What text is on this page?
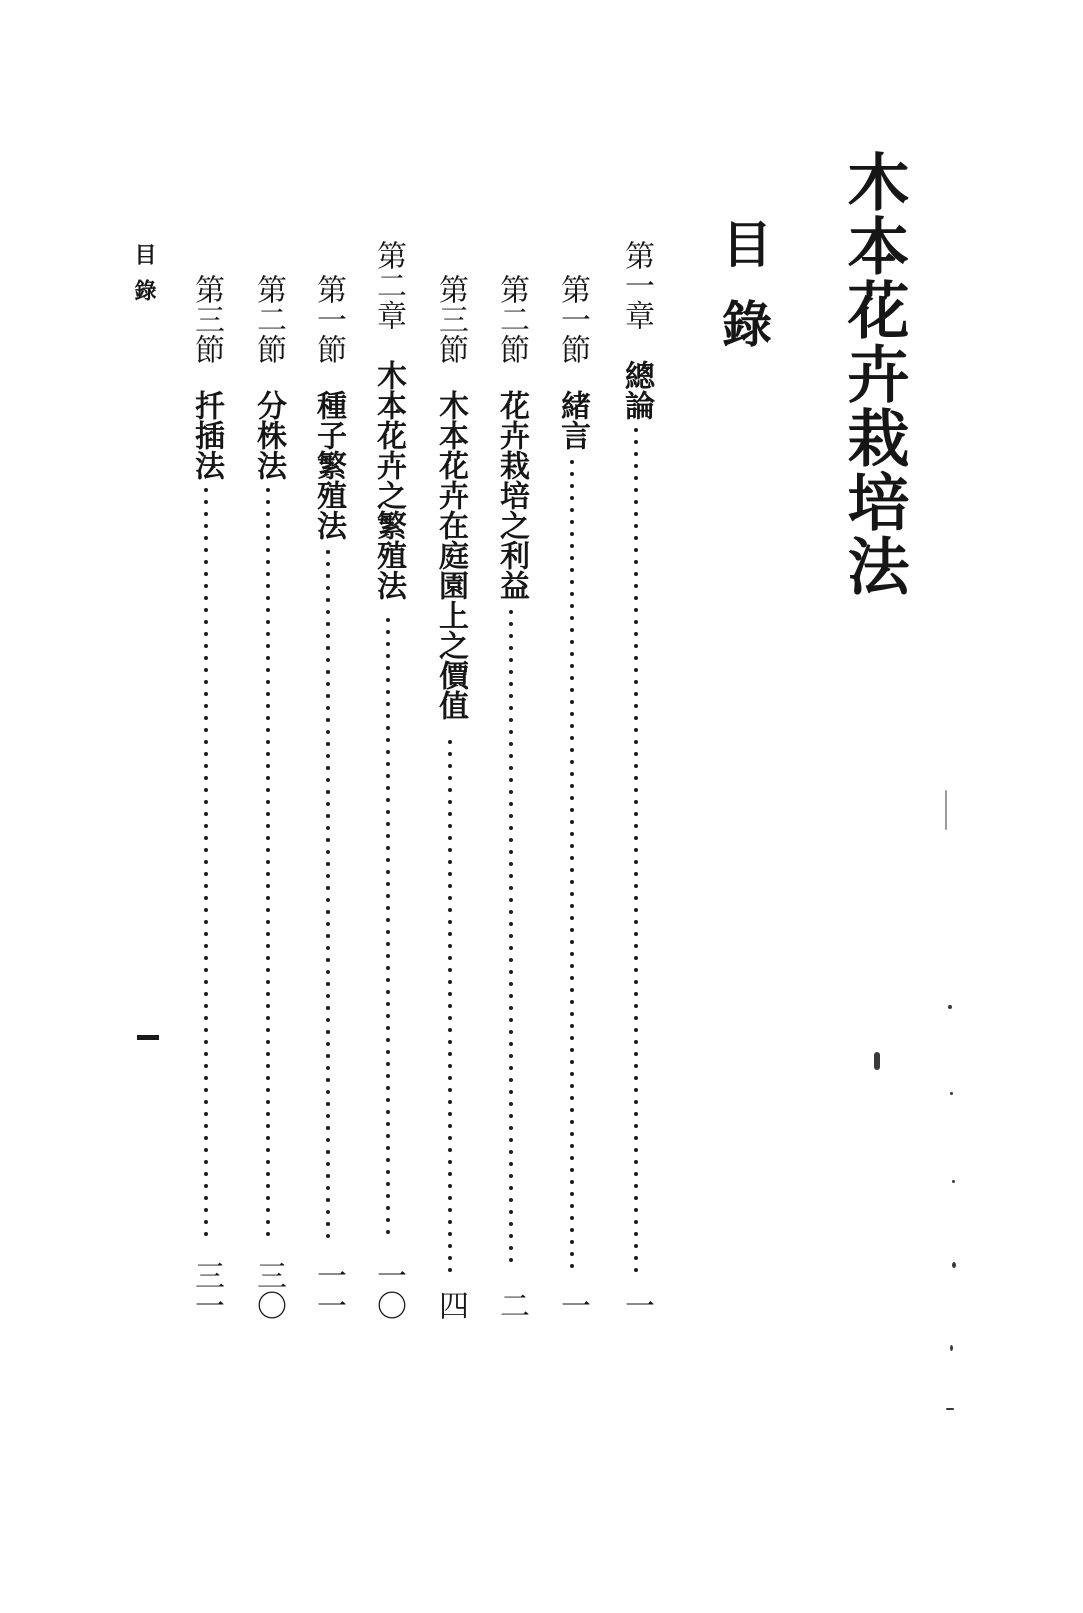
木本花卉栽培法
目錄
第一章
總論
一
第一節
緒言
一
第二節
花卉栽培之利益
二
第三節
木本花卉在庭園上之價值
四
第二章
木本花卉之繁殖法
一〇
第一節
種子繁殖法
一一
第二節
分株法
三〇
第三節
扦插法
三一
目錄
